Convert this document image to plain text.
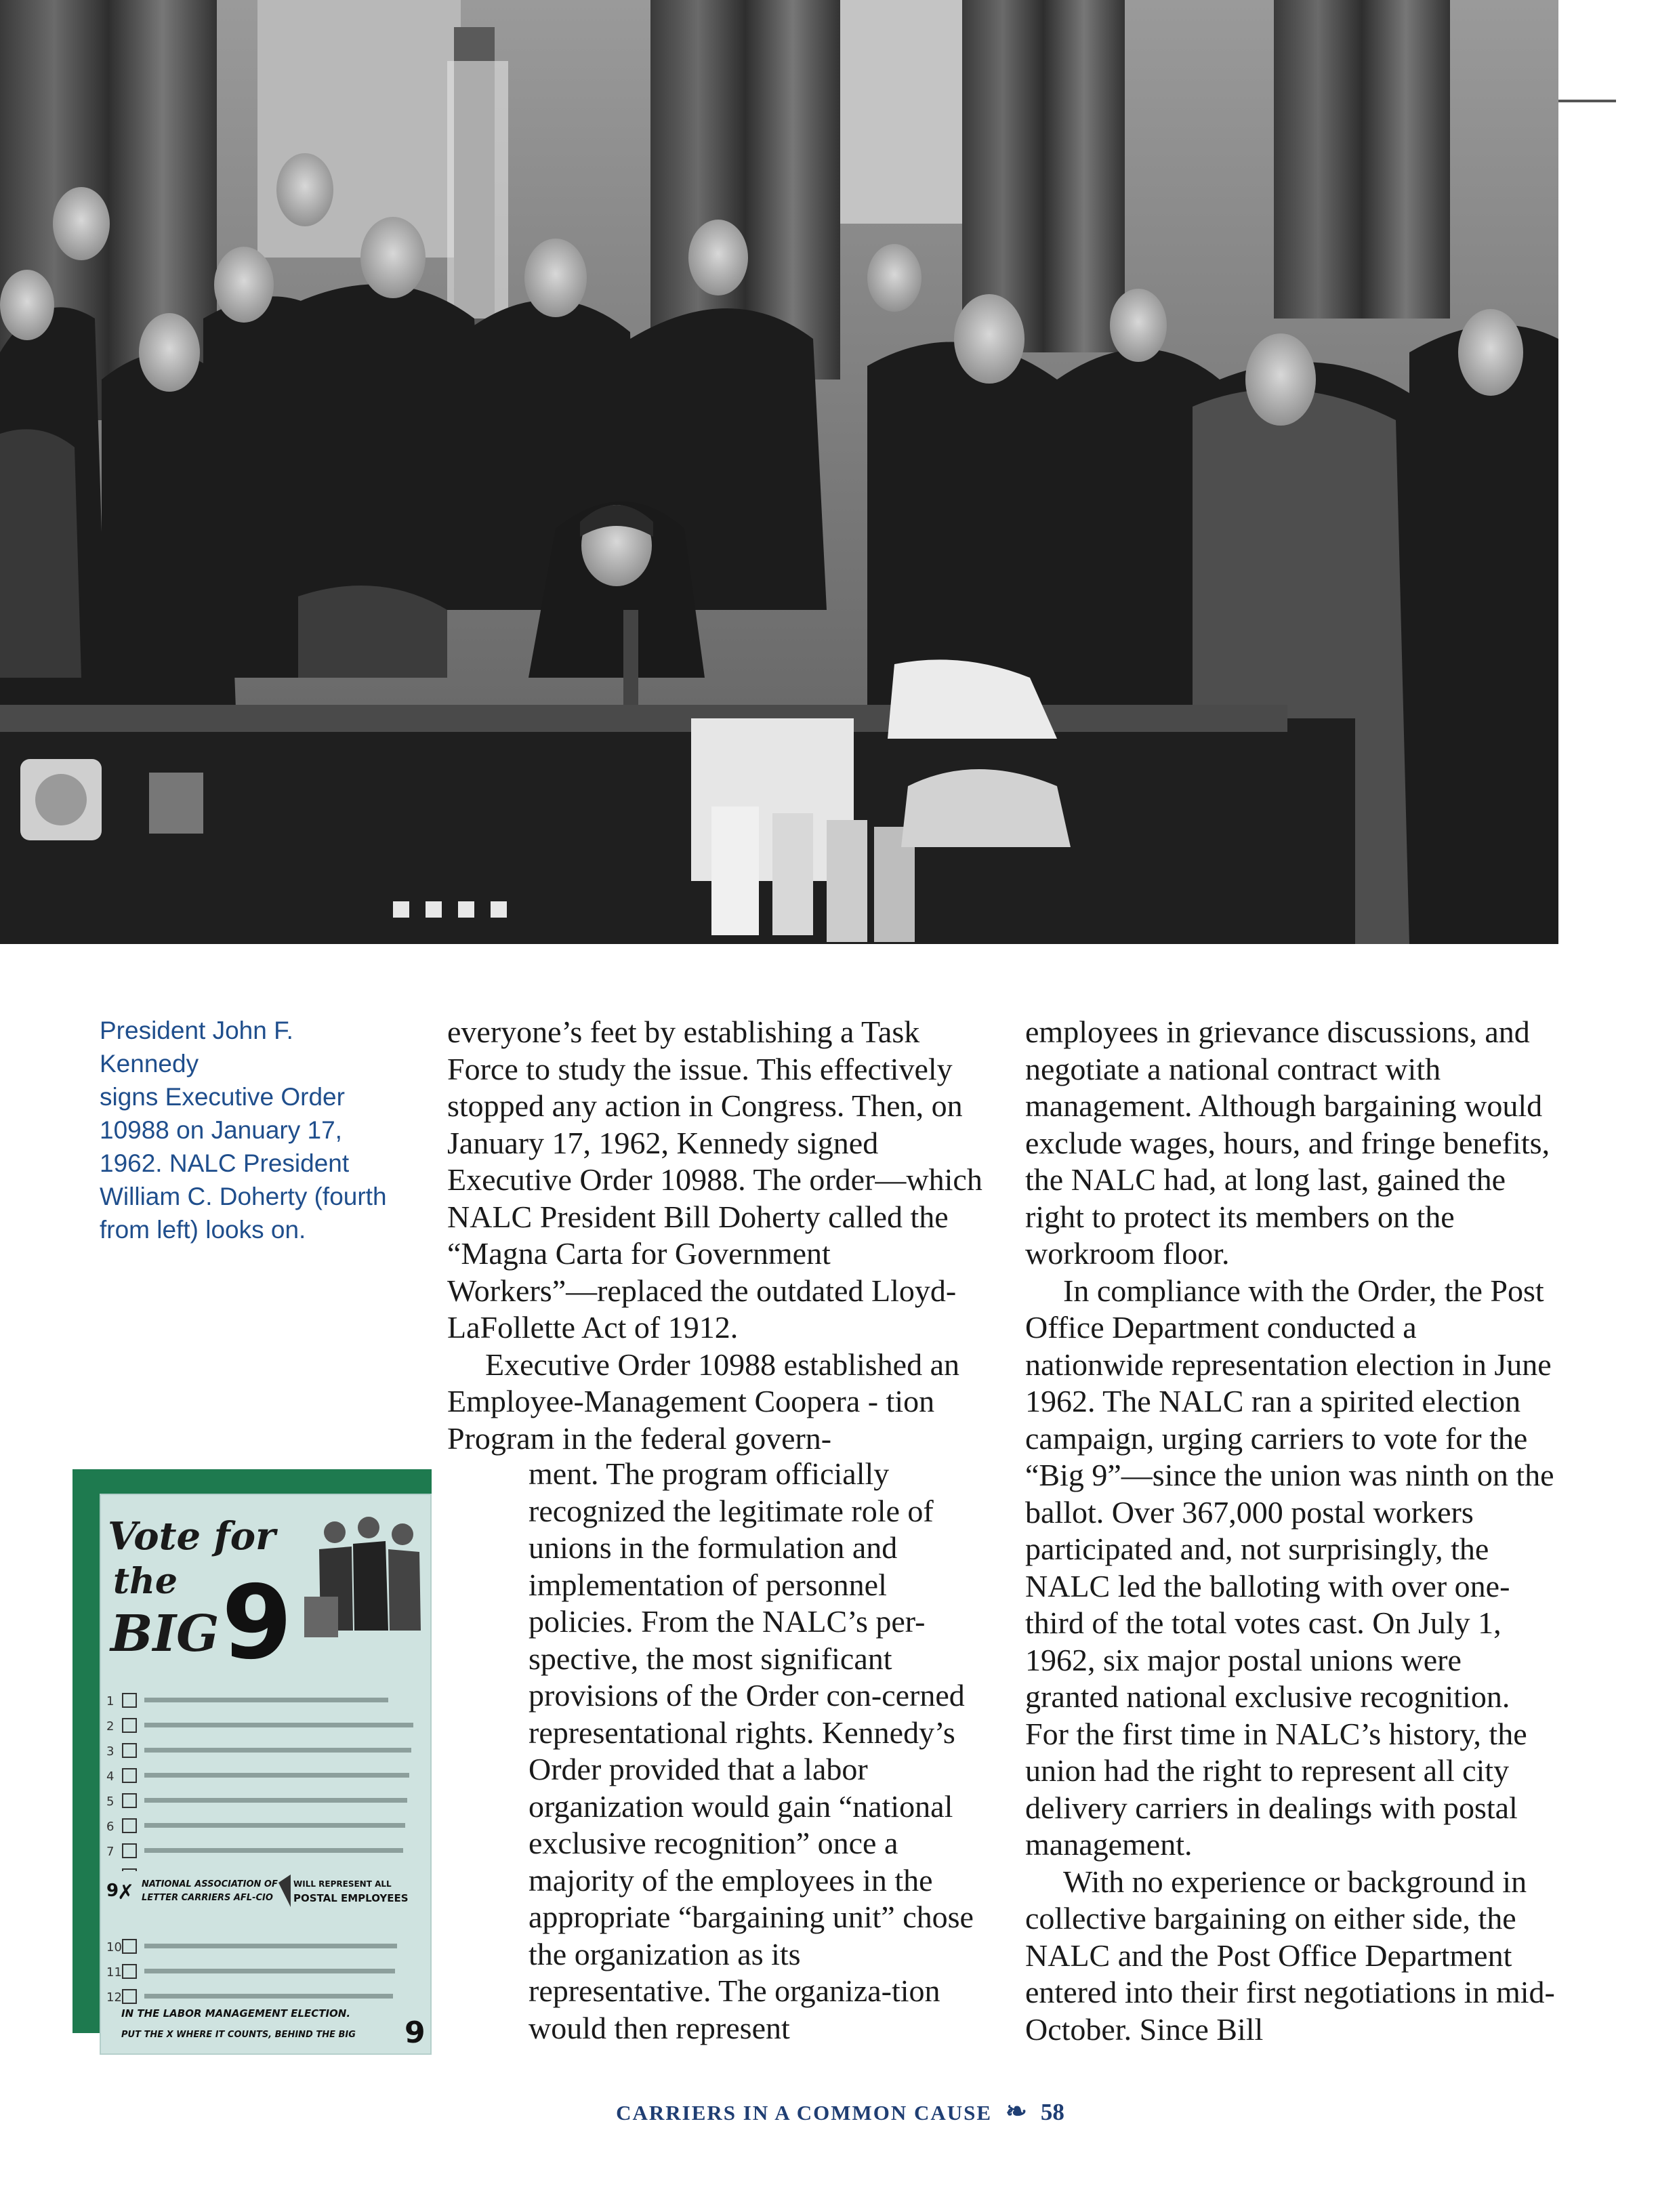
President John F. Kennedy
signs Executive Order
10988 on January 17,
1962. NALC President
William C. Doherty (fourth
from left) looks on.

everyone’s feet by establishing a Task Force to study the issue. This effectively stopped any action in Congress. Then, on January 17, 1962, Kennedy signed Executive Order 10988. The order—which NALC President Bill Doherty called the “Magna Carta for Government Workers”—replaced the outdated Lloyd-LaFollette Act of 1912.

Executive Order 10988 established an Employee-Management Coopera - tion Program in the federal govern-

ment. The program officially recognized the legitimate role of unions in the formulation and implementation of personnel policies. From the NALC’s per-spective, the most significant provisions of the Order con-cerned representational rights. Kennedy’s Order provided that a labor organization would gain “national exclusive recognition” once a majority of the employees in the appropriate “bargaining unit” chose the organization as its representative. The organiza-tion would then represent

employees in grievance discussions, and negotiate a national contract with management. Although bargaining would exclude wages, hours, and fringe benefits, the NALC had, at long last, gained the right to protect its members on the workroom floor.

In compliance with the Order, the Post Office Department conducted a nationwide representation election in June 1962. The NALC ran a spirited election campaign, urging carriers to vote for the “Big 9”—since the union was ninth on the ballot. Over 367,000 postal workers participated and, not surprisingly, the NALC led the balloting with over one-third of the total votes cast. On July 1, 1962, six major postal unions were granted national exclusive recognition. For the first time in NALC’s history, the union had the right to represent all city delivery carriers in dealings with postal management.

With no experience or background in collective bargaining on either side, the NALC and the Post Office Department entered into their first negotiations in mid-October. Since Bill

Vote for
the
BIG 9
1
2
3
4
5
6
7
10
11
12
9
✗ NATIONAL ASSOCIATION OF
LETTER CARRIERS AFL-CIO
WILL REPRESENT ALL
POSTAL EMPLOYEES
IN THE LABOR MANAGEMENT ELECTION.
PUT THE X WHERE IT COUNTS, BEHIND THE BIG 9
CARRIERS IN A COMMON CAUSE ❧ 58
